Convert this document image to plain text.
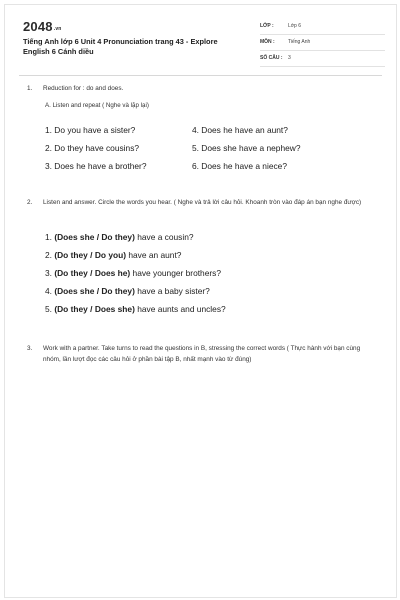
2048.vn
Tiếng Anh lớp 6 Unit 4 Pronunciation trang 43 - Explore English 6 Cánh diều
LỚP :	Lớp 6
MÔN :	Tiếng Anh
SỐ CÂU : 3
1. Reduction for : do and does.
A. Listen and repeat ( Nghe và lặp lại)
1. Do you have a sister?
2. Do they have cousins?
3. Does he have a brother?
4. Does he have an aunt?
5. Does she have a nephew?
6. Does he have a niece?
2. Listen and answer. Circle the words you hear. ( Nghe và trả lời câu hỏi. Khoanh tròn vào đáp án bạn nghe được)
1. (Does she / Do they) have a cousin?
2. (Do they / Do you) have an aunt?
3. (Do they / Does he) have younger brothers?
4. (Does she / Do they) have a baby sister?
5. (Do they / Does she) have aunts and uncles?
3. Work with a partner. Take turns to read the questions in B, stressing the correct words ( Thực hành với bạn cùng nhóm, lần lượt đọc các câu hỏi ở phần bài tập B, nhất mạnh vào từ đúng)
